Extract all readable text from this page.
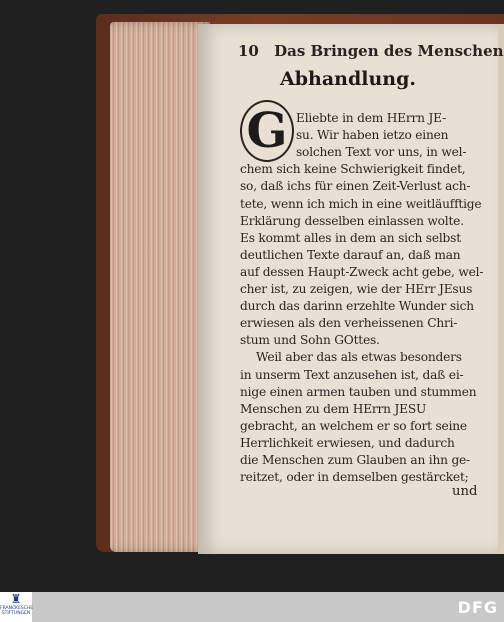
10 Das Bringen des Menschen
Abhandlung.
G Eliebte in dem HErrn JE-
su. Wir haben ietzo einen
solchen Text vor uns, in wel-
chem sich keine Schwierigkeit findet,
so, daß ichs für einen Zeit-Verlust ach-
tete, wenn ich mich in eine weitläufftige
Erklärung desselben einlassen wolte.
Es kommt alles in dem an sich selbst
deutlichen Texte darauf an, daß man
auf dessen Haupt-Zweck acht gebe, wel-
cher ist, zu zeigen, wie der HErr JEsus
durch das darinn erzehlte Wunder sich
erwiesen als den verheissenen Chri-
stum und Sohn GOttes.
Weil aber das als etwas besonders
in unserm Text anzusehen ist, daß ei-
nige einen armen tauben und stummen
Menschen zu dem HErrn JESU
gebracht, an welchem er so fort seine
Herrlichkeit erwiesen, und dadurch
die Menschen zum Glauben an ihn ge-
reitzet, oder in demselben gestärcket;
und
♜
FRANCKESCHE STIFTUNGEN	DFG
